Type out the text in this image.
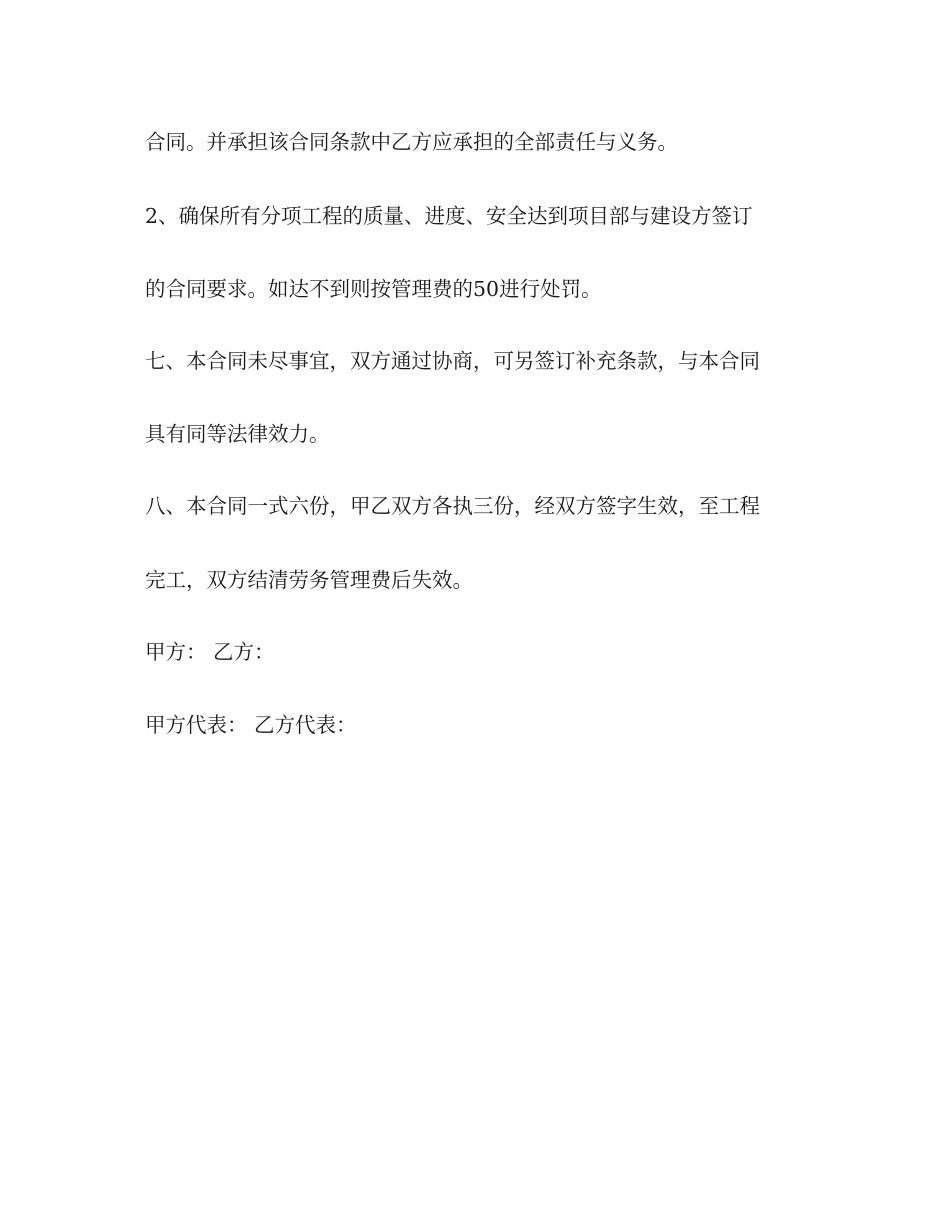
合同。并承担该合同条款中乙方应承担的全部责任与义务。
2、确保所有分项工程的质量、进度、安全达到项目部与建设方签订
的合同要求。如达不到则按管理费的50进行处罚。
七、本合同未尽事宜，双方通过协商，可另签订补充条款，与本合同
具有同等法律效力。
八、本合同一式六份，甲乙双方各执三份，经双方签字生效，至工程
完工，双方结清劳务管理费后失效。
甲方： 乙方：
甲方代表： 乙方代表：
